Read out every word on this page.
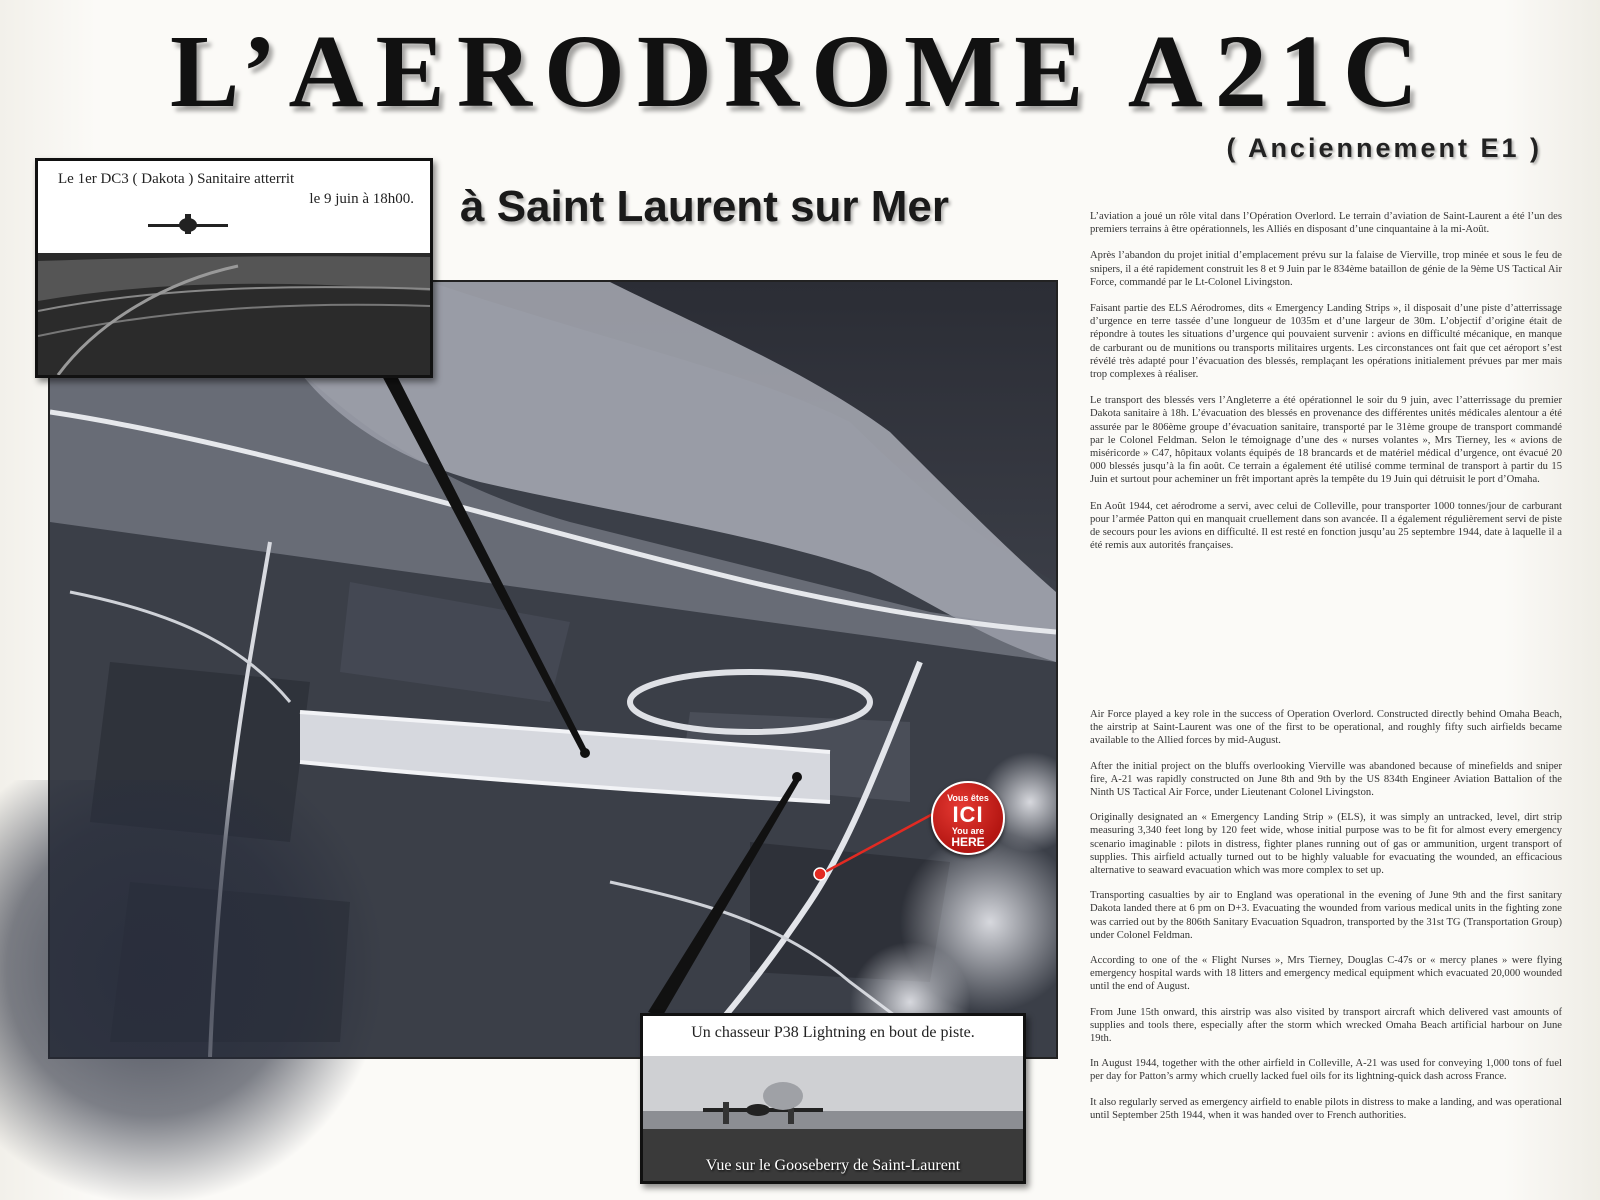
L’AERODROME A21C
( Anciennement E1 )
à Saint Laurent sur Mer
Vous êtes
ICI
You are
HERE
Le 1er DC3 ( Dakota ) Sanitaire atterrit
le 9 juin à 18h00.
Un chasseur P38 Lightning en bout de piste.
Vue sur le Gooseberry de Saint-Laurent

L’aviation a joué un rôle vital dans l’Opération Overlord. Le terrain d’aviation de Saint-Laurent a été l’un des premiers terrains à être opérationnels, les Alliés en disposant d’une cinquantaine à la mi-Août.

Après l’abandon du projet initial d’emplacement prévu sur la falaise de Vierville, trop minée et sous le feu de snipers, il a été rapidement construit les 8 et 9 Juin par le 834ème bataillon de génie de la 9ème US Tactical Air Force, commandé par le Lt-Colonel Livingston.

Faisant partie des ELS Aérodromes, dits « Emergency Landing Strips », il disposait d’une piste d’atterrissage d’urgence en terre tassée d’une longueur de 1035m et d’une largeur de 30m. L’objectif d’origine était de répondre à toutes les situations d’urgence qui pouvaient survenir : avions en difficulté mécanique, en manque de carburant ou de munitions ou transports militaires urgents. Les circonstances ont fait que cet aéroport s’est révélé très adapté pour l’évacuation des blessés, remplaçant les opérations initialement prévues par mer mais trop complexes à réaliser.

Le transport des blessés vers l’Angleterre a été opérationnel le soir du 9 juin, avec l’atterrissage du premier Dakota sanitaire à 18h. L’évacuation des blessés en provenance des différentes unités médicales alentour a été assurée par le 806ème groupe d’évacuation sanitaire, transporté par le 31ème groupe de transport commandé par le Colonel Feldman. Selon le témoignage d’une des « nurses volantes », Mrs Tierney, les « avions de miséricorde » C47, hôpitaux volants équipés de 18 brancards et de matériel médical d’urgence, ont évacué 20 000 blessés jusqu’à la fin août. Ce terrain a également été utilisé comme terminal de transport à partir du 15 Juin et surtout pour acheminer un frêt important après la tempête du 19 Juin qui détruisit le port d’Omaha.

En Août 1944, cet aérodrome a servi, avec celui de Colleville, pour transporter 1000 tonnes/jour de carburant pour l’armée Patton qui en manquait cruellement dans son avancée. Il a également régulièrement servi de piste de secours pour les avions en difficulté. Il est resté en fonction jusqu’au 25 septembre 1944, date à laquelle il a été remis aux autorités françaises.

Air Force played a key role in the success of Operation Overlord. Constructed directly behind Omaha Beach, the airstrip at Saint-Laurent was one of the first to be operational, and roughly fifty such airfields became available to the Allied forces by mid-August.

After the initial project on the bluffs overlooking Vierville was abandoned because of minefields and sniper fire, A-21 was rapidly constructed on June 8th and 9th by the US 834th Engineer Aviation Battalion of the Ninth US Tactical Air Force, under Lieutenant Colonel Livingston.

Originally designated an « Emergency Landing Strip » (ELS), it was simply an untracked, level, dirt strip measuring 3,340 feet long by 120 feet wide, whose initial purpose was to be fit for almost every emergency scenario imaginable : pilots in distress, fighter planes running out of gas or ammunition, urgent transport of supplies. This airfield actually turned out to be highly valuable for evacuating the wounded, an efficacious alternative to seaward evacuation which was more complex to set up.

Transporting casualties by air to England was operational in the evening of June 9th and the first sanitary Dakota landed there at 6 pm on D+3. Evacuating the wounded from various medical units in the fighting zone was carried out by the 806th Sanitary Evacuation Squadron, transported by the 31st TG (Transportation Group) under Colonel Feldman.

According to one of the « Flight Nurses », Mrs Tierney, Douglas C-47s or « mercy planes » were flying emergency hospital wards with 18 litters and emergency medical equipment which evacuated 20,000 wounded until the end of August.

From June 15th onward, this airstrip was also visited by transport aircraft which delivered vast amounts of supplies and tools there, especially after the storm which wrecked Omaha Beach artificial harbour on June 19th.

In August 1944, together with the other airfield in Colleville, A-21 was used for conveying 1,000 tons of fuel per day for Patton’s army which cruelly lacked fuel oils for its lightning-quick dash across France.

It also regularly served as emergency airfield to enable pilots in distress to make a landing, and was operational until September 25th 1944, when it was handed over to French authorities.
